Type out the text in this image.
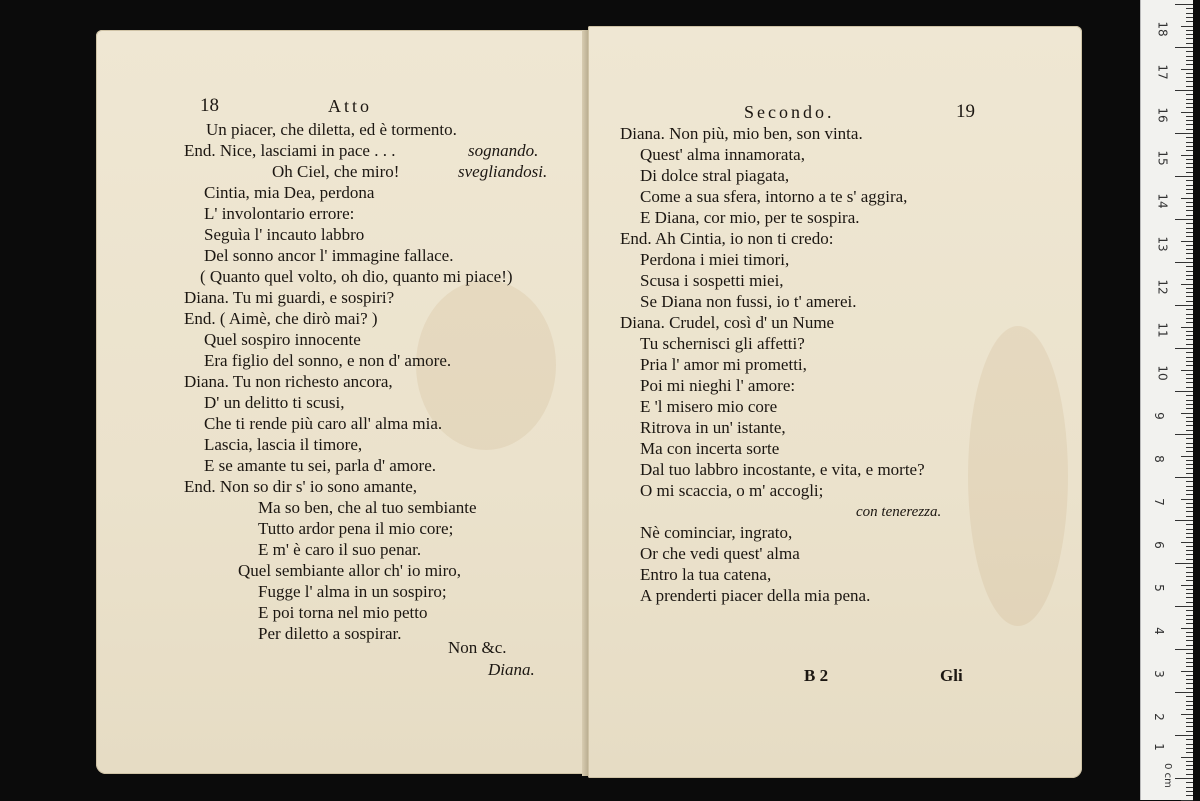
18	Atto
Un piacer, che diletta, ed è tormento.
End. Nice, lasciami in pace . . .	sognando.
Oh Ciel, che miro!	svegliandosi.
Cintia, mia Dea, perdona
L' involontario errore:
Seguìa l' incauto labbro
Del sonno ancor l' immagine fallace.
( Quanto quel volto, oh dio, quanto mi piace!)
Diana. Tu mi guardi, e sospiri?
End. ( Aimè, che dirò mai? )
Quel sospiro innocente
Era figlio del sonno, e non d' amore.
Diana. Tu non richesto ancora,
D' un delitto ti scusi,
Che ti rende più caro all' alma mia.
Lascia, lascia il timore,
E se amante tu sei, parla d' amore.
End. Non so dir s' io sono amante,
Ma so ben, che al tuo sembiante
Tutto ardor pena il mio core;
E m' è caro il suo penar.
Quel sembiante allor ch' io miro,
Fugge l' alma in un sospiro;
E poi torna nel mio petto
Per diletto a sospirar.
Non &c.
Diana.
Secondo.	19
Diana. Non più, mio ben, son vinta.
Quest' alma innamorata,
Di dolce stral piagata,
Come a sua sfera, intorno a te s' aggira,
E Diana, cor mio, per te sospira.
End. Ah Cintia, io non ti credo:
Perdona i miei timori,
Scusa i sospetti miei,
Se Diana non fussi, io t' amerei.
Diana. Crudel, così d' un Nume
Tu schernisci gli affetti?
Pria l' amor mi prometti,
Poi mi nieghi l' amore:
E 'l misero mio core
Ritrova in un' istante,
Ma con incerta sorte
Dal tuo labbro incostante, e vita, e morte?
O mi scaccia, o m' accogli;
con tenerezza.
Nè cominciar, ingrato,
Or che vedi quest' alma
Entro la tua catena,
A prenderti piacer della mia pena.
B 2	Gli
18
17
16
15
14
13
12
11
10
9
8
7
6
5
4
3
2
1
0 cm
